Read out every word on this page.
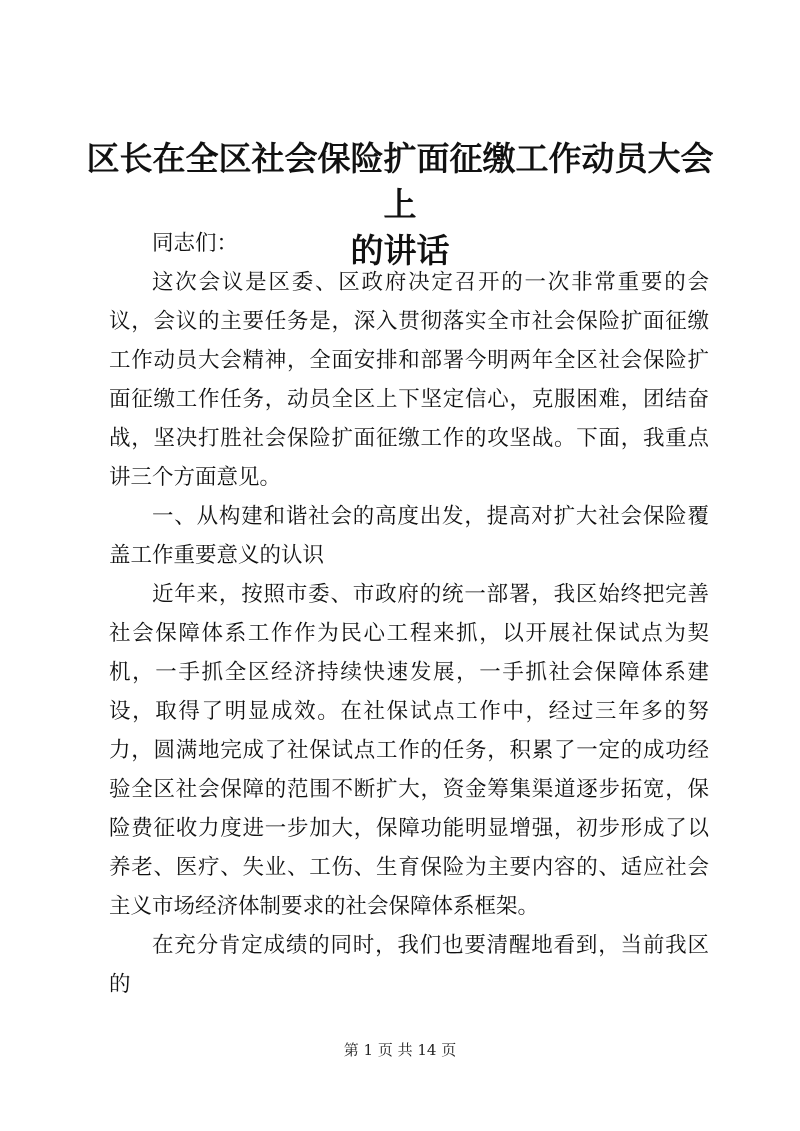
区长在全区社会保险扩面征缴工作动员大会上
的讲话

同志们：

这次会议是区委、区政府决定召开的一次非常重要的会议，会议的主要任务是，深入贯彻落实全市社会保险扩面征缴工作动员大会精神，全面安排和部署今明两年全区社会保险扩面征缴工作任务，动员全区上下坚定信心，克服困难，团结奋战，坚决打胜社会保险扩面征缴工作的攻坚战。下面，我重点讲三个方面意见。

一、从构建和谐社会的高度出发，提高对扩大社会保险覆盖工作重要意义的认识

近年来，按照市委、市政府的统一部署，我区始终把完善社会保障体系工作作为民心工程来抓，以开展社保试点为契机，一手抓全区经济持续快速发展，一手抓社会保障体系建设，取得了明显成效。在社保试点工作中，经过三年多的努力，圆满地完成了社保试点工作的任务，积累了一定的成功经验全区社会保障的范围不断扩大，资金筹集渠道逐步拓宽，保险费征收力度进一步加大，保障功能明显增强，初步形成了以养老、医疗、失业、工伤、生育保险为主要内容的、适应社会主义市场经济体制要求的社会保障体系框架。

在充分肯定成绩的同时，我们也要清醒地看到，当前我区的

第 1 页 共 14 页
